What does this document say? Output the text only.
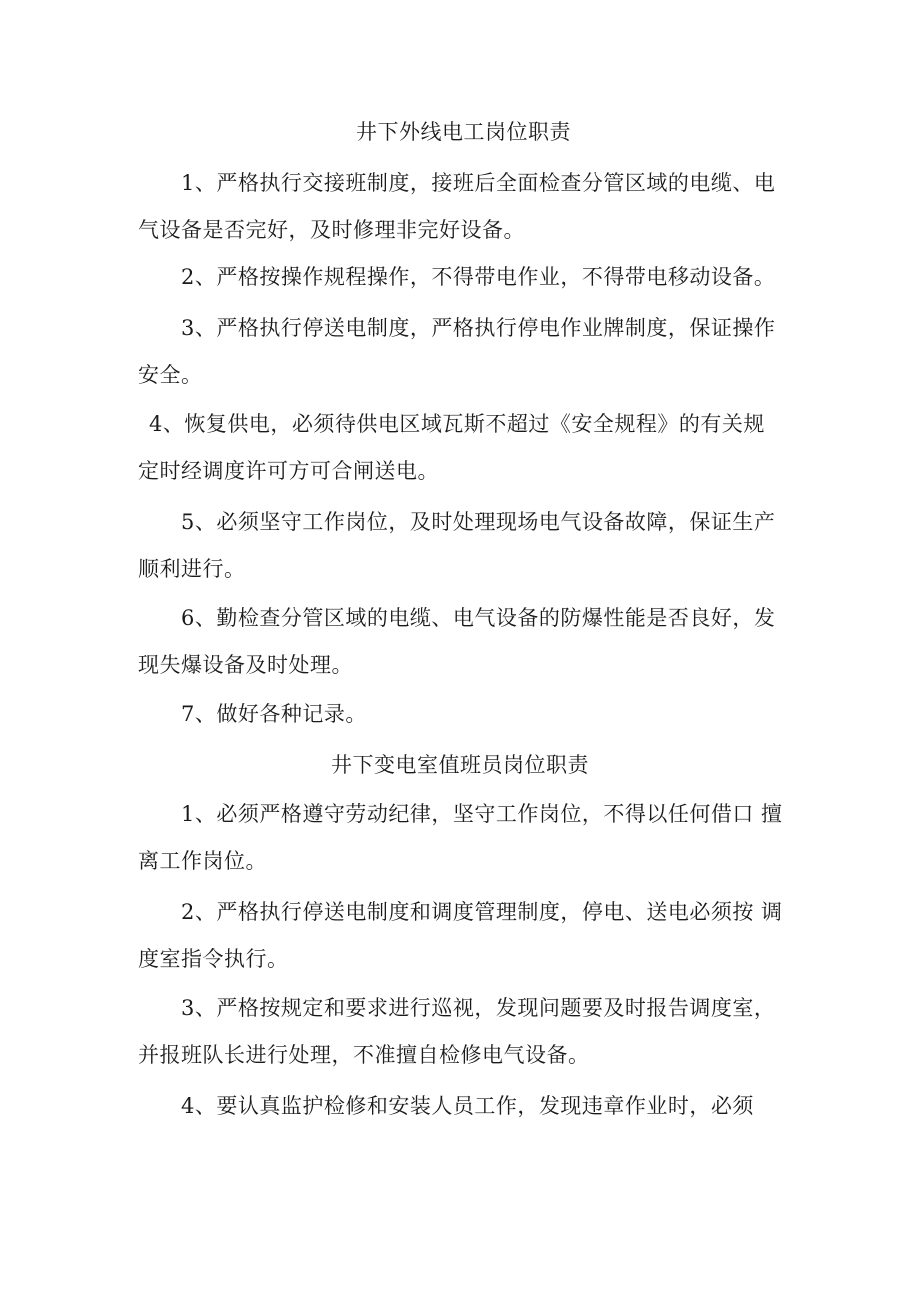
井下外线电工岗位职责
1、严格执行交接班制度，接班后全面检查分管区域的电缆、电
气设备是否完好，及时修理非完好设备。
2、严格按操作规程操作，不得带电作业，不得带电移动设备。
3、严格执行停送电制度，严格执行停电作业牌制度，保证操作
安全。
4、恢复供电，必须待供电区域瓦斯不超过《安全规程》的有关规
定时经调度许可方可合闸送电。
5、必须坚守工作岗位，及时处理现场电气设备故障，保证生产
顺利进行。
6、勤检查分管区域的电缆、电气设备的防爆性能是否良好，发
现失爆设备及时处理。
7、做好各种记录。
井下变电室值班员岗位职责
1、必须严格遵守劳动纪律，坚守工作岗位，不得以任何借口 擅
离工作岗位。
2、严格执行停送电制度和调度管理制度，停电、送电必须按 调
度室指令执行。
3、严格按规定和要求进行巡视，发现问题要及时报告调度室，
并报班队长进行处理，不准擅自检修电气设备。
4、要认真监护检修和安装人员工作，发现违章作业时，必须
